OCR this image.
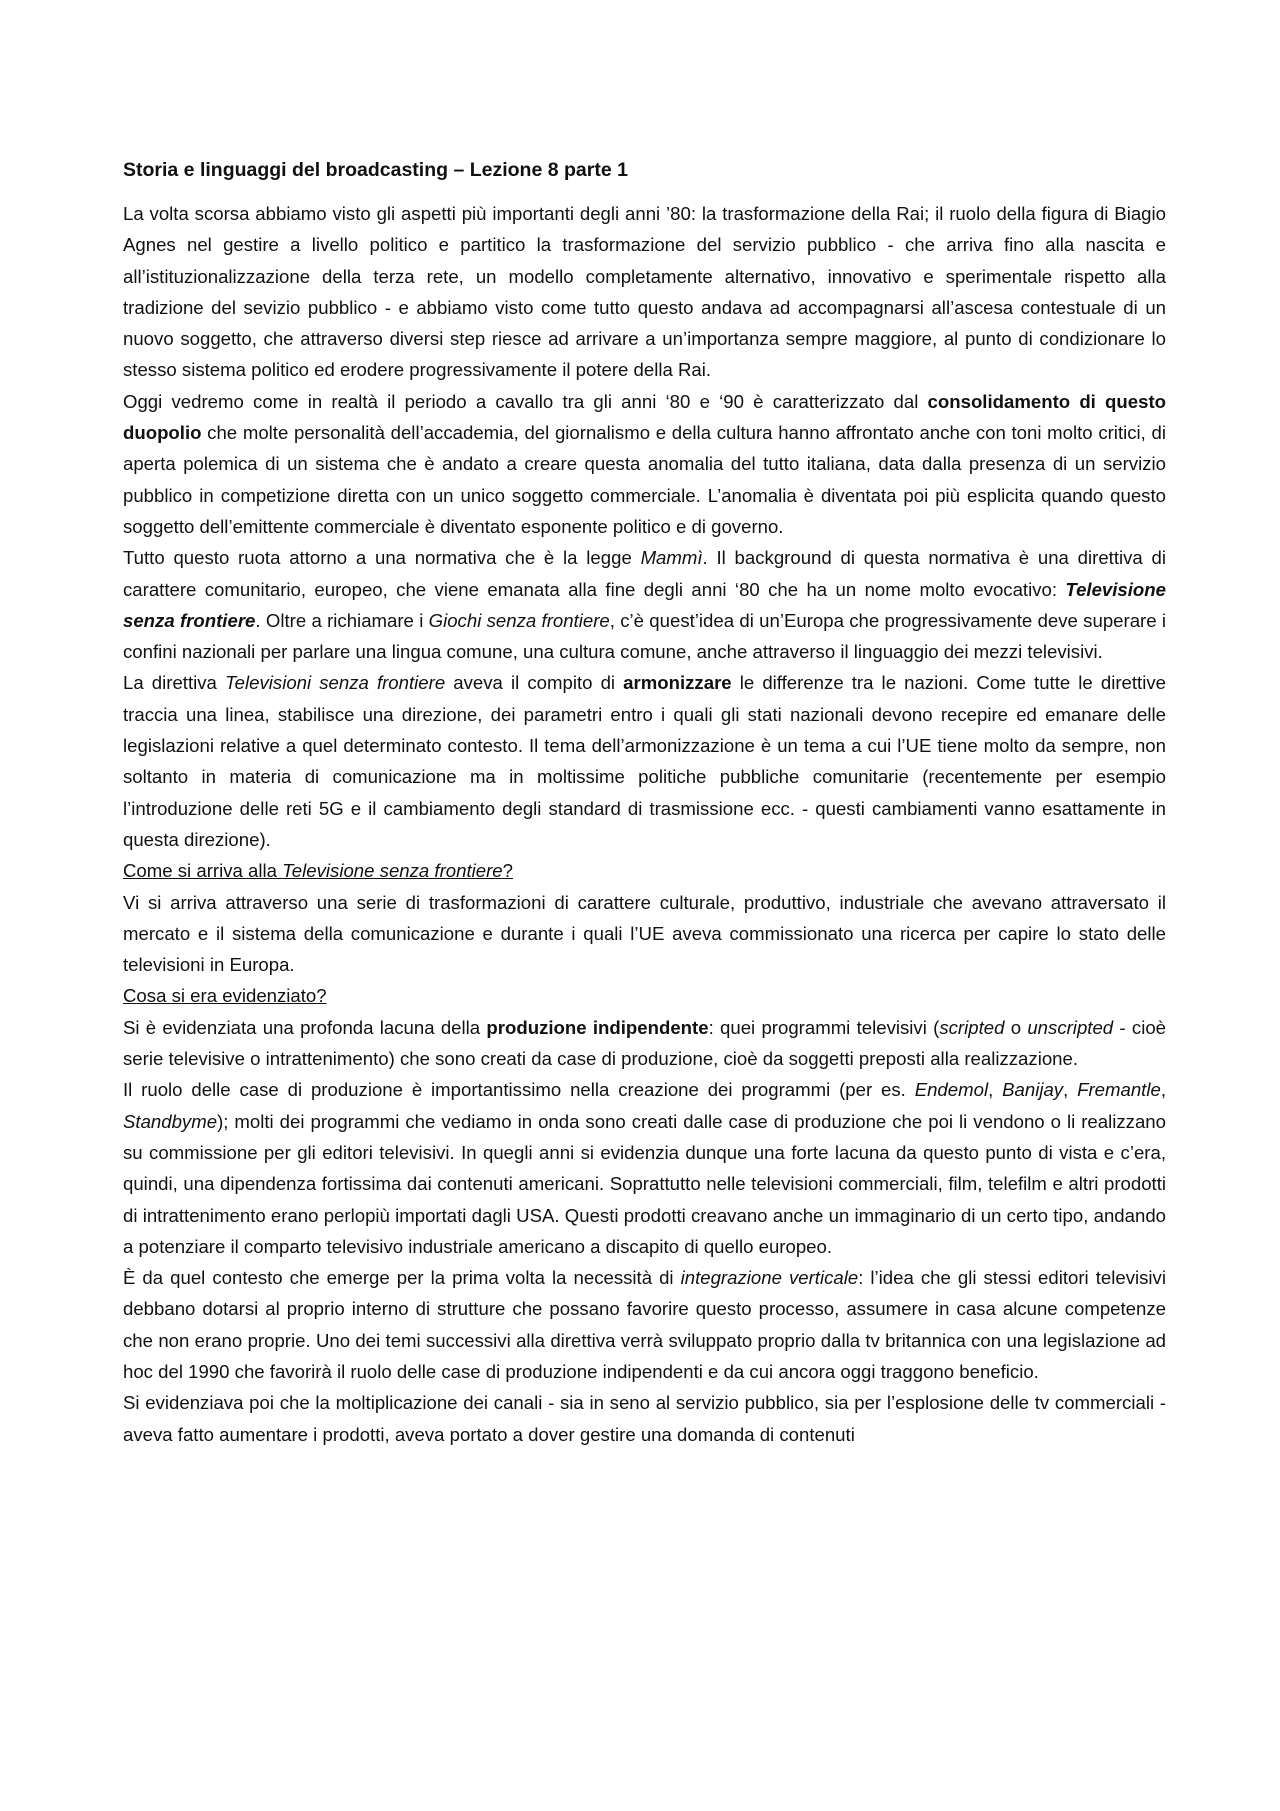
Storia e linguaggi del broadcasting – Lezione 8 parte 1

La volta scorsa abbiamo visto gli aspetti più importanti degli anni ’80: la trasformazione della Rai; il ruolo della figura di Biagio Agnes nel gestire a livello politico e partitico la trasformazione del servizio pubblico - che arriva fino alla nascita e all’istituzionalizzazione della terza rete, un modello completamente alternativo, innovativo e sperimentale rispetto alla tradizione del sevizio pubblico - e abbiamo visto come tutto questo andava ad accompagnarsi all’ascesa contestuale di un nuovo soggetto, che attraverso diversi step riesce ad arrivare a un’importanza sempre maggiore, al punto di condizionare lo stesso sistema politico ed erodere progressivamente il potere della Rai.

Oggi vedremo come in realtà il periodo a cavallo tra gli anni ‘80 e ‘90 è caratterizzato dal consolidamento di questo duopolio che molte personalità dell’accademia, del giornalismo e della cultura hanno affrontato anche con toni molto critici, di aperta polemica di un sistema che è andato a creare questa anomalia del tutto italiana, data dalla presenza di un servizio pubblico in competizione diretta con un unico soggetto commerciale. L’anomalia è diventata poi più esplicita quando questo soggetto dell’emittente commerciale è diventato esponente politico e di governo.

Tutto questo ruota attorno a una normativa che è la legge Mammì. Il background di questa normativa è una direttiva di carattere comunitario, europeo, che viene emanata alla fine degli anni ‘80 che ha un nome molto evocativo: Televisione senza frontiere. Oltre a richiamare i Giochi senza frontiere, c’è quest’idea di un’Europa che progressivamente deve superare i confini nazionali per parlare una lingua comune, una cultura comune, anche attraverso il linguaggio dei mezzi televisivi.

La direttiva Televisioni senza frontiere aveva il compito di armonizzare le differenze tra le nazioni. Come tutte le direttive traccia una linea, stabilisce una direzione, dei parametri entro i quali gli stati nazionali devono recepire ed emanare delle legislazioni relative a quel determinato contesto. Il tema dell’armonizzazione è un tema a cui l’UE tiene molto da sempre, non soltanto in materia di comunicazione ma in moltissime politiche pubbliche comunitarie (recentemente per esempio l’introduzione delle reti 5G e il cambiamento degli standard di trasmissione ecc. - questi cambiamenti vanno esattamente in questa direzione).

Come si arriva alla Televisione senza frontiere?

Vi si arriva attraverso una serie di trasformazioni di carattere culturale, produttivo, industriale che avevano attraversato il mercato e il sistema della comunicazione e durante i quali l’UE aveva commissionato una ricerca per capire lo stato delle televisioni in Europa.

Cosa si era evidenziato?

Si è evidenziata una profonda lacuna della produzione indipendente: quei programmi televisivi (scripted o unscripted - cioè serie televisive o intrattenimento) che sono creati da case di produzione, cioè da soggetti preposti alla realizzazione.

Il ruolo delle case di produzione è importantissimo nella creazione dei programmi (per es. Endemol, Banijay, Fremantle, Standbyme); molti dei programmi che vediamo in onda sono creati dalle case di produzione che poi li vendono o li realizzano su commissione per gli editori televisivi. In quegli anni si evidenzia dunque una forte lacuna da questo punto di vista e c’era, quindi, una dipendenza fortissima dai contenuti americani. Soprattutto nelle televisioni commerciali, film, telefilm e altri prodotti di intrattenimento erano perlopiù importati dagli USA. Questi prodotti creavano anche un immaginario di un certo tipo, andando a potenziare il comparto televisivo industriale americano a discapito di quello europeo.

È da quel contesto che emerge per la prima volta la necessità di integrazione verticale: l’idea che gli stessi editori televisivi debbano dotarsi al proprio interno di strutture che possano favorire questo processo, assumere in casa alcune competenze che non erano proprie. Uno dei temi successivi alla direttiva verrà sviluppato proprio dalla tv britannica con una legislazione ad hoc del 1990 che favorirà il ruolo delle case di produzione indipendenti e da cui ancora oggi traggono beneficio.

Si evidenziava poi che la moltiplicazione dei canali - sia in seno al servizio pubblico, sia per l’esplosione delle tv commerciali - aveva fatto aumentare i prodotti, aveva portato a dover gestire una domanda di contenuti
